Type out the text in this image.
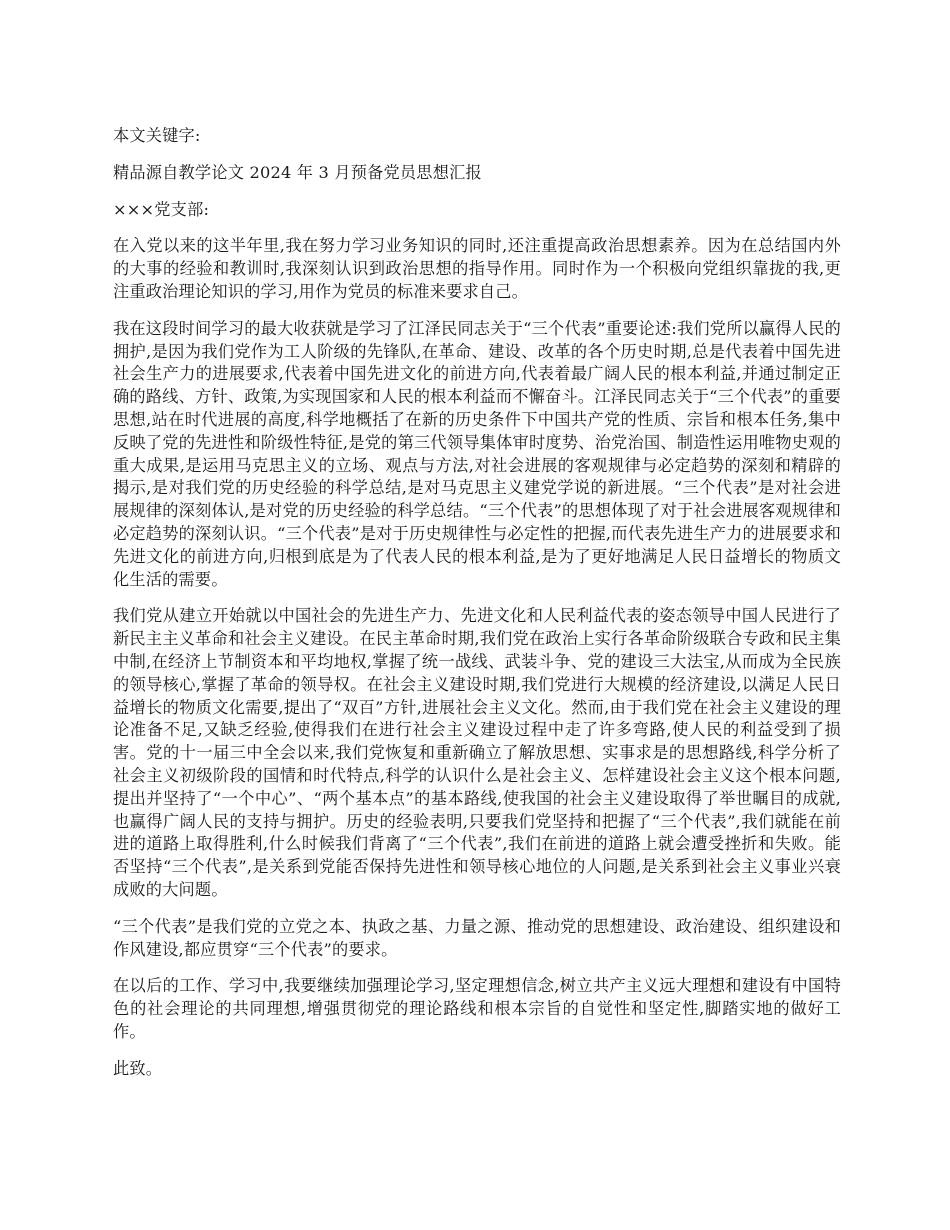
本文关键字:
精品源自教学论文 2024 年 3 月预备党员思想汇报
×××党支部:

在入党以来的这半年里,我在努力学习业务知识的同时,还注重提高政治思想素养。因为在总结国内外的大事的经验和教训时,我深刻认识到政治思想的指导作用。同时作为一个积极向党组织靠拢的我,更注重政治理论知识的学习,用作为党员的标准来要求自己。

我在这段时间学习的最大收获就是学习了江泽民同志关于“三个代表”重要论述:我们党所以赢得人民的拥护,是因为我们党作为工人阶级的先锋队,在革命、建设、改革的各个历史时期,总是代表着中国先进社会生产力的进展要求,代表着中国先进文化的前进方向,代表着最广阔人民的根本利益,并通过制定正确的路线、方针、政策,为实现国家和人民的根本利益而不懈奋斗。江泽民同志关于“三个代表”的重要思想,站在时代进展的高度,科学地概括了在新的历史条件下中国共产党的性质、宗旨和根本任务,集中反映了党的先进性和阶级性特征,是党的第三代领导集体审时度势、治党治国、制造性运用唯物史观的重大成果,是运用马克思主义的立场、观点与方法,对社会进展的客观规律与必定趋势的深刻和精辟的揭示,是对我们党的历史经验的科学总结,是对马克思主义建党学说的新进展。“三个代表”是对社会进展规律的深刻体认,是对党的历史经验的科学总结。“三个代表”的思想体现了对于社会进展客观规律和必定趋势的深刻认识。“三个代表”是对于历史规律性与必定性的把握,而代表先进生产力的进展要求和先进文化的前进方向,归根到底是为了代表人民的根本利益,是为了更好地满足人民日益增长的物质文化生活的需要。

我们党从建立开始就以中国社会的先进生产力、先进文化和人民利益代表的姿态领导中国人民进行了新民主主义革命和社会主义建设。在民主革命时期,我们党在政治上实行各革命阶级联合专政和民主集中制,在经济上节制资本和平均地权,掌握了统一战线、武装斗争、党的建设三大法宝,从而成为全民族的领导核心,掌握了革命的领导权。在社会主义建设时期,我们党进行大规模的经济建设,以满足人民日益增长的物质文化需要,提出了“双百”方针,进展社会主义文化。然而,由于我们党在社会主义建设的理论准备不足,又缺乏经验,使得我们在进行社会主义建设过程中走了许多弯路,使人民的利益受到了损害。党的十一届三中全会以来,我们党恢复和重新确立了解放思想、实事求是的思想路线,科学分析了社会主义初级阶段的国情和时代特点,科学的认识什么是社会主义、怎样建设社会主义这个根本问题,提出并坚持了“一个中心”、“两个基本点”的基本路线,使我国的社会主义建设取得了举世瞩目的成就,也赢得广阔人民的支持与拥护。历史的经验表明,只要我们党坚持和把握了“三个代表”,我们就能在前进的道路上取得胜利,什么时候我们背离了“三个代表”,我们在前进的道路上就会遭受挫折和失败。能否坚持“三个代表”,是关系到党能否保持先进性和领导核心地位的人问题,是关系到社会主义事业兴衰成败的大问题。

“三个代表”是我们党的立党之本、执政之基、力量之源、推动党的思想建设、政治建设、组织建设和作风建设,都应贯穿“三个代表”的要求。

在以后的工作、学习中,我要继续加强理论学习,坚定理想信念,树立共产主义远大理想和建设有中国特色的社会理论的共同理想,增强贯彻党的理论路线和根本宗旨的自觉性和坚定性,脚踏实地的做好工作。

此致。
